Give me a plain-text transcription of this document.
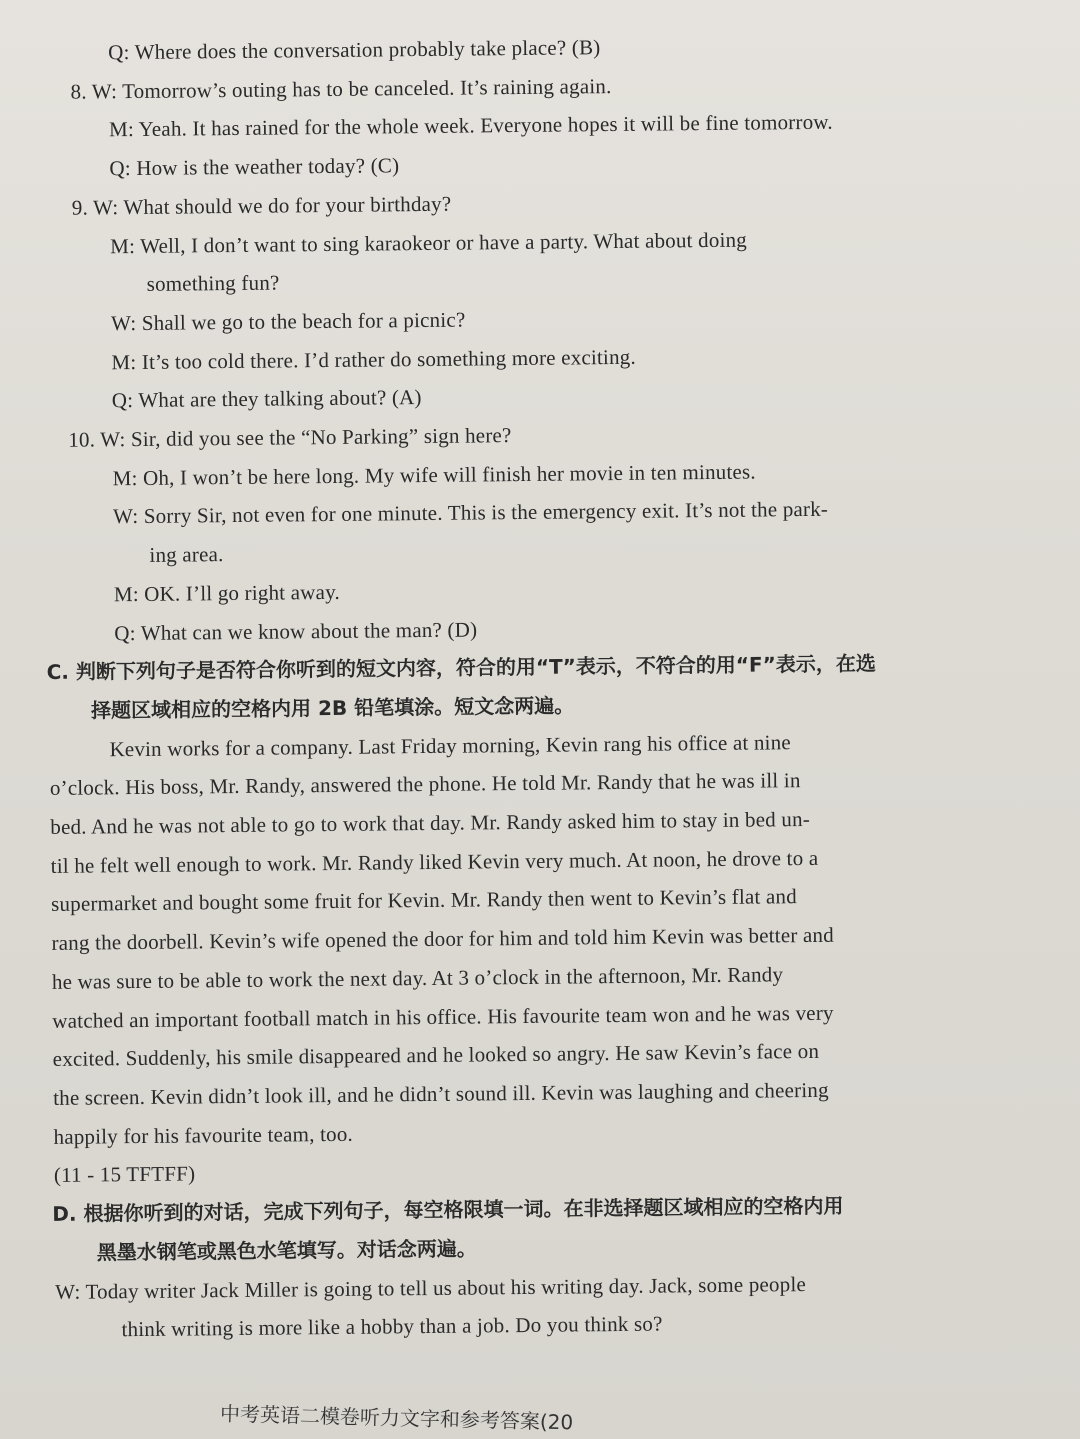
Q: Where does the conversation probably take place? (B)
8. W: Tomorrow’s outing has to be canceled. It’s raining again.
M: Yeah. It has rained for the whole week. Everyone hopes it will be fine tomorrow.
Q: How is the weather today? (C)
9. W: What should we do for your birthday?
M: Well, I don’t want to sing karaokeor or have a party. What about doing
something fun?
W: Shall we go to the beach for a picnic?
M: It’s too cold there. I’d rather do something more exciting.
Q: What are they talking about? (A)
10. W: Sir, did you see the “No Parking” sign here?
M: Oh, I won’t be here long. My wife will finish her movie in ten minutes.
W: Sorry Sir, not even for one minute. This is the emergency exit. It’s not the park-
ing area.
M: OK. I’ll go right away.
Q: What can we know about the man? (D)
C. 判断下列句子是否符合你听到的短文内容，符合的用“T”表示，不符合的用“F”表示，在选
择题区域相应的空格内用 2B 铅笔填涂。短文念两遍。
Kevin works for a company. Last Friday morning, Kevin rang his office at nine
o’clock. His boss, Mr. Randy, answered the phone. He told Mr. Randy that he was ill in
bed. And he was not able to go to work that day. Mr. Randy asked him to stay in bed un-
til he felt well enough to work. Mr. Randy liked Kevin very much. At noon, he drove to a
supermarket and bought some fruit for Kevin. Mr. Randy then went to Kevin’s flat and
rang the doorbell. Kevin’s wife opened the door for him and told him Kevin was better and
he was sure to be able to work the next day. At 3 o’clock in the afternoon, Mr. Randy
watched an important football match in his office. His favourite team won and he was very
excited. Suddenly, his smile disappeared and he looked so angry. He saw Kevin’s face on
the screen. Kevin didn’t look ill, and he didn’t sound ill. Kevin was laughing and cheering
happily for his favourite team, too.
(11 - 15 TFTFF)
D. 根据你听到的对话，完成下列句子，每空格限填一词。在非选择题区域相应的空格内用
黑墨水钢笔或黑色水笔填写。对话念两遍。
W: Today writer Jack Miller is going to tell us about his writing day. Jack, some people
think writing is more like a hobby than a job. Do you think so?
中考英语二模卷听力文字和参考答案(20
